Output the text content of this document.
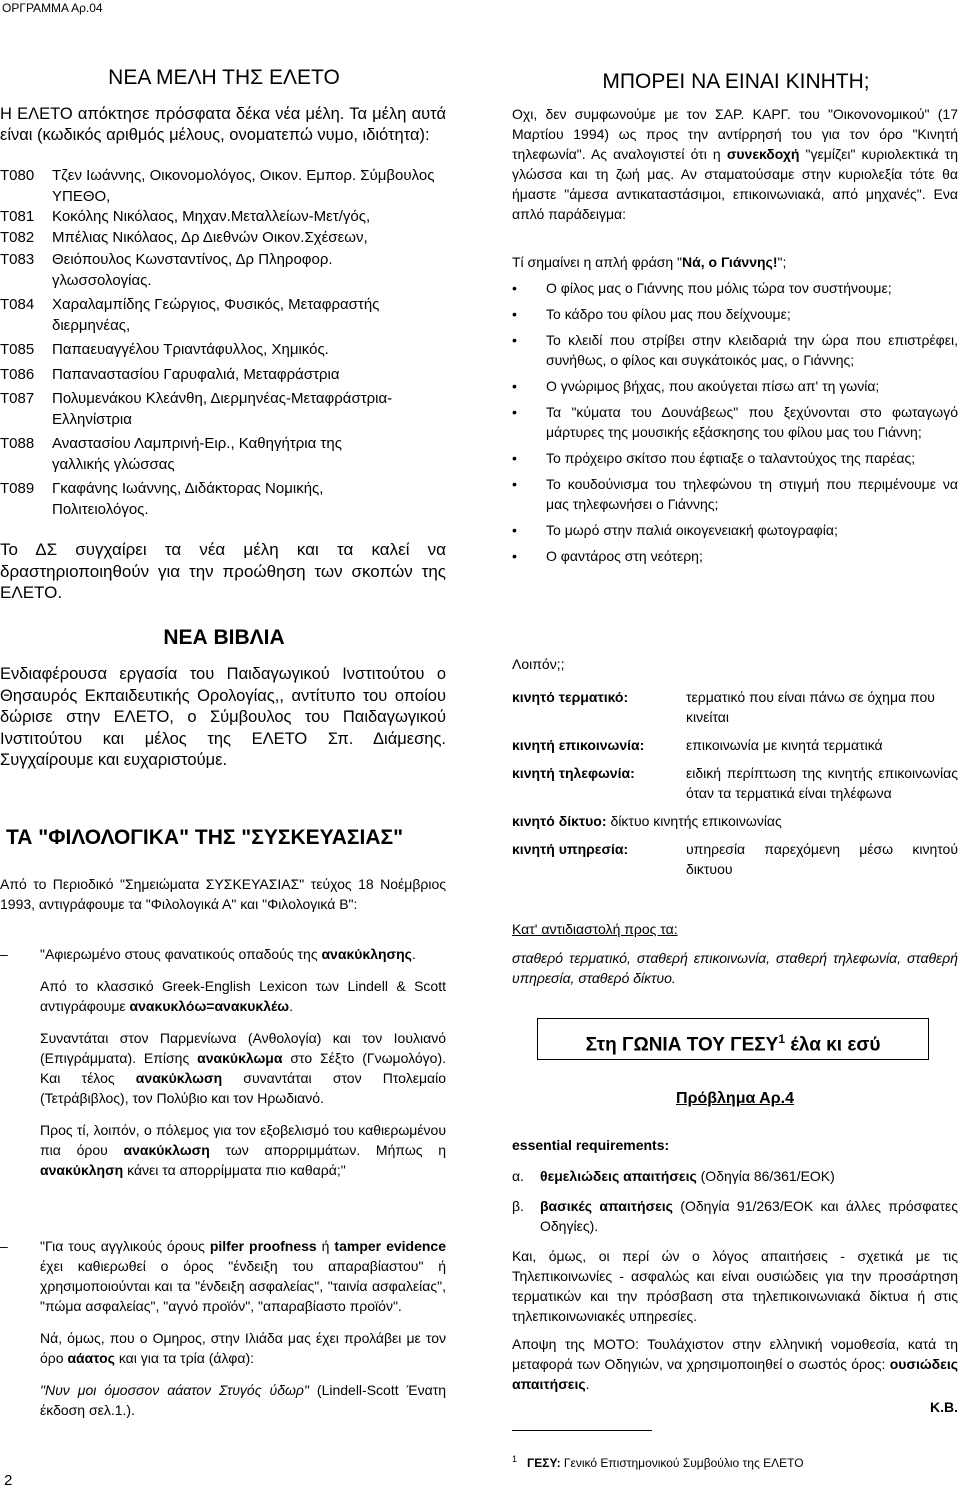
ΟΡΓΡΑΜΜΑ Αρ.04
ΝΕΑ ΜΕΛΗ ΤΗΣ ΕΛΕΤΟ

Η ΕΛΕΤΟ απόκτησε πρόσφατα δέκα νέα μέλη. Τα μέλη αυτά είναι (κωδικός αριθμός μέλους, ονοματεπώ νυμο, ιδιότητα):

Τ080	Τζεν Ιωάννης, Οικονομολόγος, Οικον. Εμπορ. Σύμβουλος ΥΠΕΘΟ,
Τ081	Κοκόλης Νικόλαος, Μηχαν.Μεταλλείων-Μετ/γός,
Τ082	Μπέλιας Νικόλαος, Δρ Διεθνών Οικον.Σχέσεων,
Τ083	Θειόπουλος Κωνσταντίνος, Δρ Πληροφορ. γλωσσολογίας.
Τ084	Χαραλαμπίδης Γεώργιος, Φυσικός, Μεταφραστής διερμηνέας,
Τ085	Παπαευαγγέλου Τριαντάφυλλος, Χημικός.
Τ086	Παπαναστασίου Γαρυφαλιά, Μεταφράστρια
Τ087	Πολυμενάκου Κλεάνθη, Διερμηνέας-Μεταφράστρια-Ελληνίστρια
Τ088	Αναστασίου Λαμπρινή-Ειρ., Καθηγήτρια της γαλλικής γλώσσας
Τ089	Γκαφάνης Ιωάννης, Διδάκτορας Νομικής, Πολιτειολόγος.

Το ΔΣ συγχαίρει τα νέα μέλη και τα καλεί να δραστηριοποιηθούν για την προώθηση των σκοπών της ΕΛΕΤΟ.

ΝΕΑ ΒΙΒΛΙΑ

Ενδιαφέρουσα εργασία του Παιδαγωγικού Ινστιτούτου ο Θησαυρός Εκπαιδευτικής Ορολογίας,, αντίτυπο του οποίου δώρισε στην ΕΛΕΤΟ, ο Σύμβουλος του Παιδαγωγικού Ινστιτούτου και μέλος της ΕΛΕΤΟ Σπ. Διάμεσης. Συγχαίρουμε και ευχαριστούμε.

ΤΑ "ΦΙΛΟΛΟΓΙΚΑ" ΤΗΣ "ΣΥΣΚΕΥΑΣΙΑΣ"

Από το Περιοδικό "Σημειώματα ΣΥΣΚΕΥΑΣΙΑΣ" τεύχος 18 Νοέμβριος 1993, αντιγράφουμε τα "Φιλολογικά Α" και "Φιλολογικά Β":

–	"Αφιερωμένο στους φανατικούς οπαδούς της ανακύκλησης.

Από το κλασσικό Greek-English Lexicon των Lindell & Scott αντιγράφουμε ανακυκλόω=ανακυκλέω.

Συναντάται στον Παρμενίωνα (Ανθολογία) και τον Ιουλιανό (Επιγράμματα). Επίσης ανακύκλωμα στο Σέξτο (Γνωμολόγο). Και τέλος ανακύκλωση συναντάται στον Πτολεμαίο (Τετράβιβλος), τον Πολύβιο και τον Ηρωδιανό.

Προς τί, λοιπόν, ο πόλεμος για τον εξοβελισμό του καθιερωμένου πια όρου ανακύκλωση των απορριμμάτων. Μήπως η ανακύκληση κάνει τα απορρίμματα πιο καθαρά;"

–	"Για τους αγγλικούς όρους pilfer proofness ή tamper evidence έχει καθιερωθεί ο όρος "ένδειξη του απαραβίαστου" ή χρησιμοποιούνται και τα "ένδειξη ασφαλείας", "ταινία ασφαλείας", "πώμα ασφαλείας", "αγνό προϊόν", "απαραβίαστο προϊόν".

Νά, όμως, που ο Ομηρος, στην Ιλιάδα μας έχει προλάβει με τον όρο αάατος και για τα τρία (άλφα):

"Νυν μοι όμοσσον αάατον Στυγός ύδωρ" (Lindell-Scott Ένατη έκδοση σελ.1.).

2
ΜΠΟΡΕΙ ΝΑ ΕΙΝΑΙ ΚΙΝΗΤΗ;

Οχι, δεν συμφωνούμε με τον ΣΑΡ. ΚΑΡΓ. του "Οικονονομικού" (17 Μαρτίου 1994) ως προς την αντίρρησή του για τον όρο "Κινητή τηλεφωνία". Ας αναλογιστεί ότι η συνεκδοχή "γεμίζει" κυριολεκτικά τη γλώσσα και τη ζωή μας. Αν σταματούσαμε στην κυριολεξία τότε θα ήμαστε "άμεσα αντικαταστάσιμοι, επικοινωνιακά, από μηχανές". Ενα απλό παράδειγμα:

Τί σημαίνει η απλή φράση "Νά, ο Γιάννης!";

•	Ο φίλος μας ο Γιάννης που μόλις τώρα τον συστήνουμε;
•	Το κάδρο του φίλου μας που δείχνουμε;
•	Το κλειδί που στρίβει στην κλειδαριά την ώρα που επιστρέφει, συνήθως, ο φίλος και συγκάτοικός μας, ο Γιάννης;
•	Ο γνώριμος βήχας, που ακούγεται πίσω απ' τη γωνία;
•	Τα "κύματα του Δουνάβεως" που ξεχύνονται στο φωταγωγό μάρτυρες της μουσικής εξάσκησης του φίλου μας του Γιάννη;
•	Το πρόχειρο σκίτσο που έφτιαξε ο ταλαντούχος της παρέας;
•	Το κουδούνισμα του τηλεφώνου τη στιγμή που περιμένουμε να μας τηλεφωνήσει ο Γιάννης;
•	Το μωρό στην παλιά οικογενειακή φωτογραφία;
•	Ο φαντάρος στη νεότερη;

Λοιπόν;;

κινητό τερματικό:	τερματικό που είναι πάνω σε όχημα που κινείται
κινητή επικοινωνία:	επικοινωνία με κινητά τερματικά
κινητή τηλεφωνία:	ειδική περίπτωση της κινητής επικοινωνίας όταν τα τερματικά είναι τηλέφωνα
κινητό δίκτυο: δίκτυο κινητής επικοινωνίας
κινητή υπηρεσία:	υπηρεσία παρεχόμενη μέσω κινητού δικτυου

Κατ' αντιδιαστολή προς τα:

σταθερό τερματικό, σταθερή επικοινωνία, σταθερή τηλεφωνία, σταθερή υπηρεσία, σταθερό δίκτυο.

Στη ΓΩΝΙΑ ΤΟΥ ΓΕΣΥ$^1$ έλα κι εσύ

Πρόβλημα Αρ.4

essential requirements:

α.	θεμελιώδεις απαιτήσεις (Οδηγία 86/361/ΕΟΚ)
β.	βασικές απαιτήσεις (Οδηγία 91/263/ΕΟΚ και άλλες πρόσφατες Οδηγίες).

Και, όμως, οι περί ών ο λόγος απαιτήσεις - σχετικά με τις Τηλεπικοινωνίες - ασφαλώς και είναι ουσιώδεις για την προσάρτηση τερματικών και την πρόσβαση στα τηλεπικοινωνιακά δίκτυα ή στις τηλεπικοινωνιακές υπηρεσίες.

Αποψη της ΜΟΤΟ: Τουλάχιστον στην ελληνική νομοθεσία, κατά τη μεταφορά των Οδηγιών, να χρησιμοποιηθεί ο σωστός όρος: ουσιώδεις απαιτήσεις.

Κ.Β.

$^1$ ΓΕΣΥ: Γενικό Επιστημονικού Συμβούλιο της ΕΛΕΤΟ
